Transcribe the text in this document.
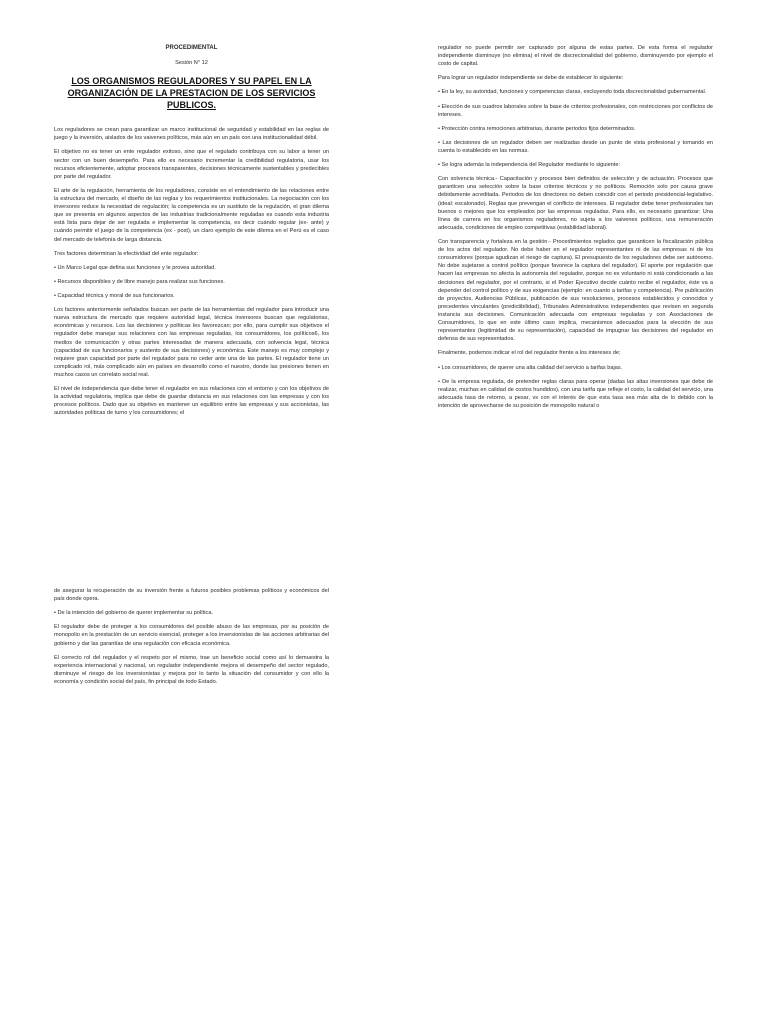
PROCEDIMENTAL
Sesión N° 12
LOS ORGANISMOS REGULADORES Y SU PAPEL EN LA ORGANIZACIÓN DE LA PRESTACION DE LOS SERVICIOS PUBLICOS.

Los reguladores se crean para garantizar un marco institucional de seguridad y estabilidad en las reglas de juego y la inversión, aislados de los vaivenes políticos, más aún en un país con una institucionalidad débil.

El objetivo no es tener un ente regulador exitoso, sino que el regulado contribuya con su labor a tener un sector con un buen desempeño. Para ello es necesario incrementar la credibilidad regulatoria, usar los recursos eficientemente, adoptar procesos transparentes, decisiones técnicamente sustentables y predecibles por parte del regulador.

El arte de la regulación, herramienta de los reguladores, consiste en el entendimiento de las relaciones entre la estructura del mercado, el diseño de las reglas y los requerimientos institucionales. La negociación con los inversores reduce la necesidad de regulación; la competencia es un sustituto de la regulación, el gran dilema que se presenta en algunos aspectos de las industrias tradicionalmente reguladas es cuando esta industria está lista para dejar de ser regulada e implementar la competencia, es decir cuándo regular (ex- ante) y cuándo permitir el juego de la competencia (ex - post), un claro ejemplo de este dilema en el Perú es el caso del mercado de telefonía de larga distancia.

Tres factores determinan la efectividad del ente regulador:

• Un Marco Legal que defina sus funciones y le provea autoridad.

• Recursos disponibles y de libre manejo para realizar sus funciones.

• Capacidad técnica y moral de sus funcionarios.

Los factores anteriormente señalados buscan ser parte de las herramientas del regulador para introducir una nueva estructura de mercado que requiere autoridad legal, técnica inversores buscan que regulatorias, económicas y recursos. Los las decisiones y políticas les favorezcan; por ello, para cumplir sus objetivos el regulador debe manejar sus relaciones con las empresas reguladas, los consumidores, los políticos6, los medios de comunicación y otras partes interesadas de manera adecuada, con solvencia legal, técnica (capacidad de sus funcionarios y sustento de sus decisiones) y económica. Este manejo es muy complejo y requiere gran capacidad por parte del regulador para no ceder ante una de las partes. El regulador tiene un complicado rol, más complicado aún en países en desarrollo como el nuestro, donde las presiones tienen en muchos casos un correlato social real.

El nivel de independencia que debe tener el regulador en sus relaciones con el entorno y con los objetivos de la actividad regulatoria, implica que debe de guardar distancia en sus relaciones con las empresas y con los procesos políticos. Dado que su objetivo es mantener un equilibrio entre las empresas y sus accionistas, las autoridades políticas de turno y los consumidores; el

regulador no puede permitir ser capturado por alguna de estas partes. De esta forma el regulador independiente disminuye (no elimina) el nivel de discrecionalidad del gobierno, disminuyendo por ejemplo el costo de capital.

Para lograr un regulador independiente se debe de establecer lo siguiente:

• En la ley, su autoridad, funciones y competencias claras, excluyendo toda discrecionalidad gubernamental.

• Elección de sus cuadros laborales sobre la base de criterios profesionales, con restricciones por conflictos de intereses.

• Protección contra remociones arbitrarias, durante periodos fijos determinados.

• Las decisiones de un regulador deben ser realizadas desde un punto de vista profesional y tomando en cuenta lo establecido en las normas.

• Se logra además la independencia del Regulador mediante lo siguiente:

Con solvencia técnica.- Capacitación y procesos bien definidos de selección y de actuación. Procesos que garanticen una selección sobre la base criterios técnicos y no políticos. Remoción solo por causa grave debidamente acreditada. Periodos de los directores no deben coincidir con el periodo presidencial-legislativo. (ideal: escalonado). Reglas que prevengan el conflicto de intereses. El regulador debe tener profesionales tan buenos o mejores que los empleados por las empresas reguladas. Para ello, es necesario garantizar: Una línea de carrera en los organismos reguladores, no sujeta a los vaivenes políticos, una remuneración adecuada, condiciones de empleo competitivas (estabilidad laboral).

Con transparencia y fortaleza en la gestión.- Procedimientos reglados que garanticen la fiscalización pública de los actos del regulador. No debe haber en el regulador representantes ni de las empresas ni de los consumidores (porque agudizan el riesgo de captura). El presupuesto de los reguladores debe ser autónomo. No debe sujetarse a control político (porque favorece la captura del regulador). El aporte por regulación que hacen las empresas no afecta la autonomía del regulador, porque no es voluntario ni está condicionado a las decisiones del regulador, por el contrario, si el Poder Ejecutivo decide cuánto recibe el regulador, éste va a depender del control político y de sus exigencias (ejemplo: en cuanto a tarifas y competencia). Pre publicación de proyectos, Audiencias Públicas, publicación de sus resoluciones, procesos establecidos y conocidos y precedentes vinculantes (predictibilidad), Tribunales Administrativos independientes que revisen en segunda instancia sus decisiones. Comunicación adecuada con empresas reguladas y con Asociaciones de Consumidores, lo que en este último caso implica, mecanismos adecuados para la elección de sus representantes (legitimidad de su representación), capacidad de impugnar las decisiones del regulador en defensa de sus representados.

Finalmente, podemos indicar el rol del regulador frente a los intereses de;

• Los consumidores, de querer una alta calidad del servicio a tarifas bajas.

• De la empresa regulada, de pretender reglas claras para operar (dadas las altas inversiones que debe de realizar, muchas en calidad de costos hundidos), con una tarifa que refleje el costo, la calidad del servicio, una adecuada tasa de retorno, a pesar, vs con el interés de que esta tasa sea más alta de lo debido con la intención de aprovecharse de su posición de monopolio natural o

de asegurar la recuperación de su inversión frente a futuros posibles problemas políticos y económicos del país donde opera.

• De la intención del gobierno de querer implementar su política.

El regulador debe de proteger a los consumidores del posible abuso de las empresas, por su posición de monopolio en la prestación de un servicio esencial, proteger a los inversionistas de las acciones arbitrarias del gobierno y dar las garantías de una regulación con eficacia económica.

El correcto rol del regulador y el respeto por el mismo, trae un beneficio social como así lo demuestra la experiencia internacional y nacional, un regulador independiente mejora el desempeño del sector regulado, disminuye el riesgo de los inversionistas y mejora por lo tanto la situación del consumidor y con ello la economía y condición social del país, fin principal de todo Estado.
